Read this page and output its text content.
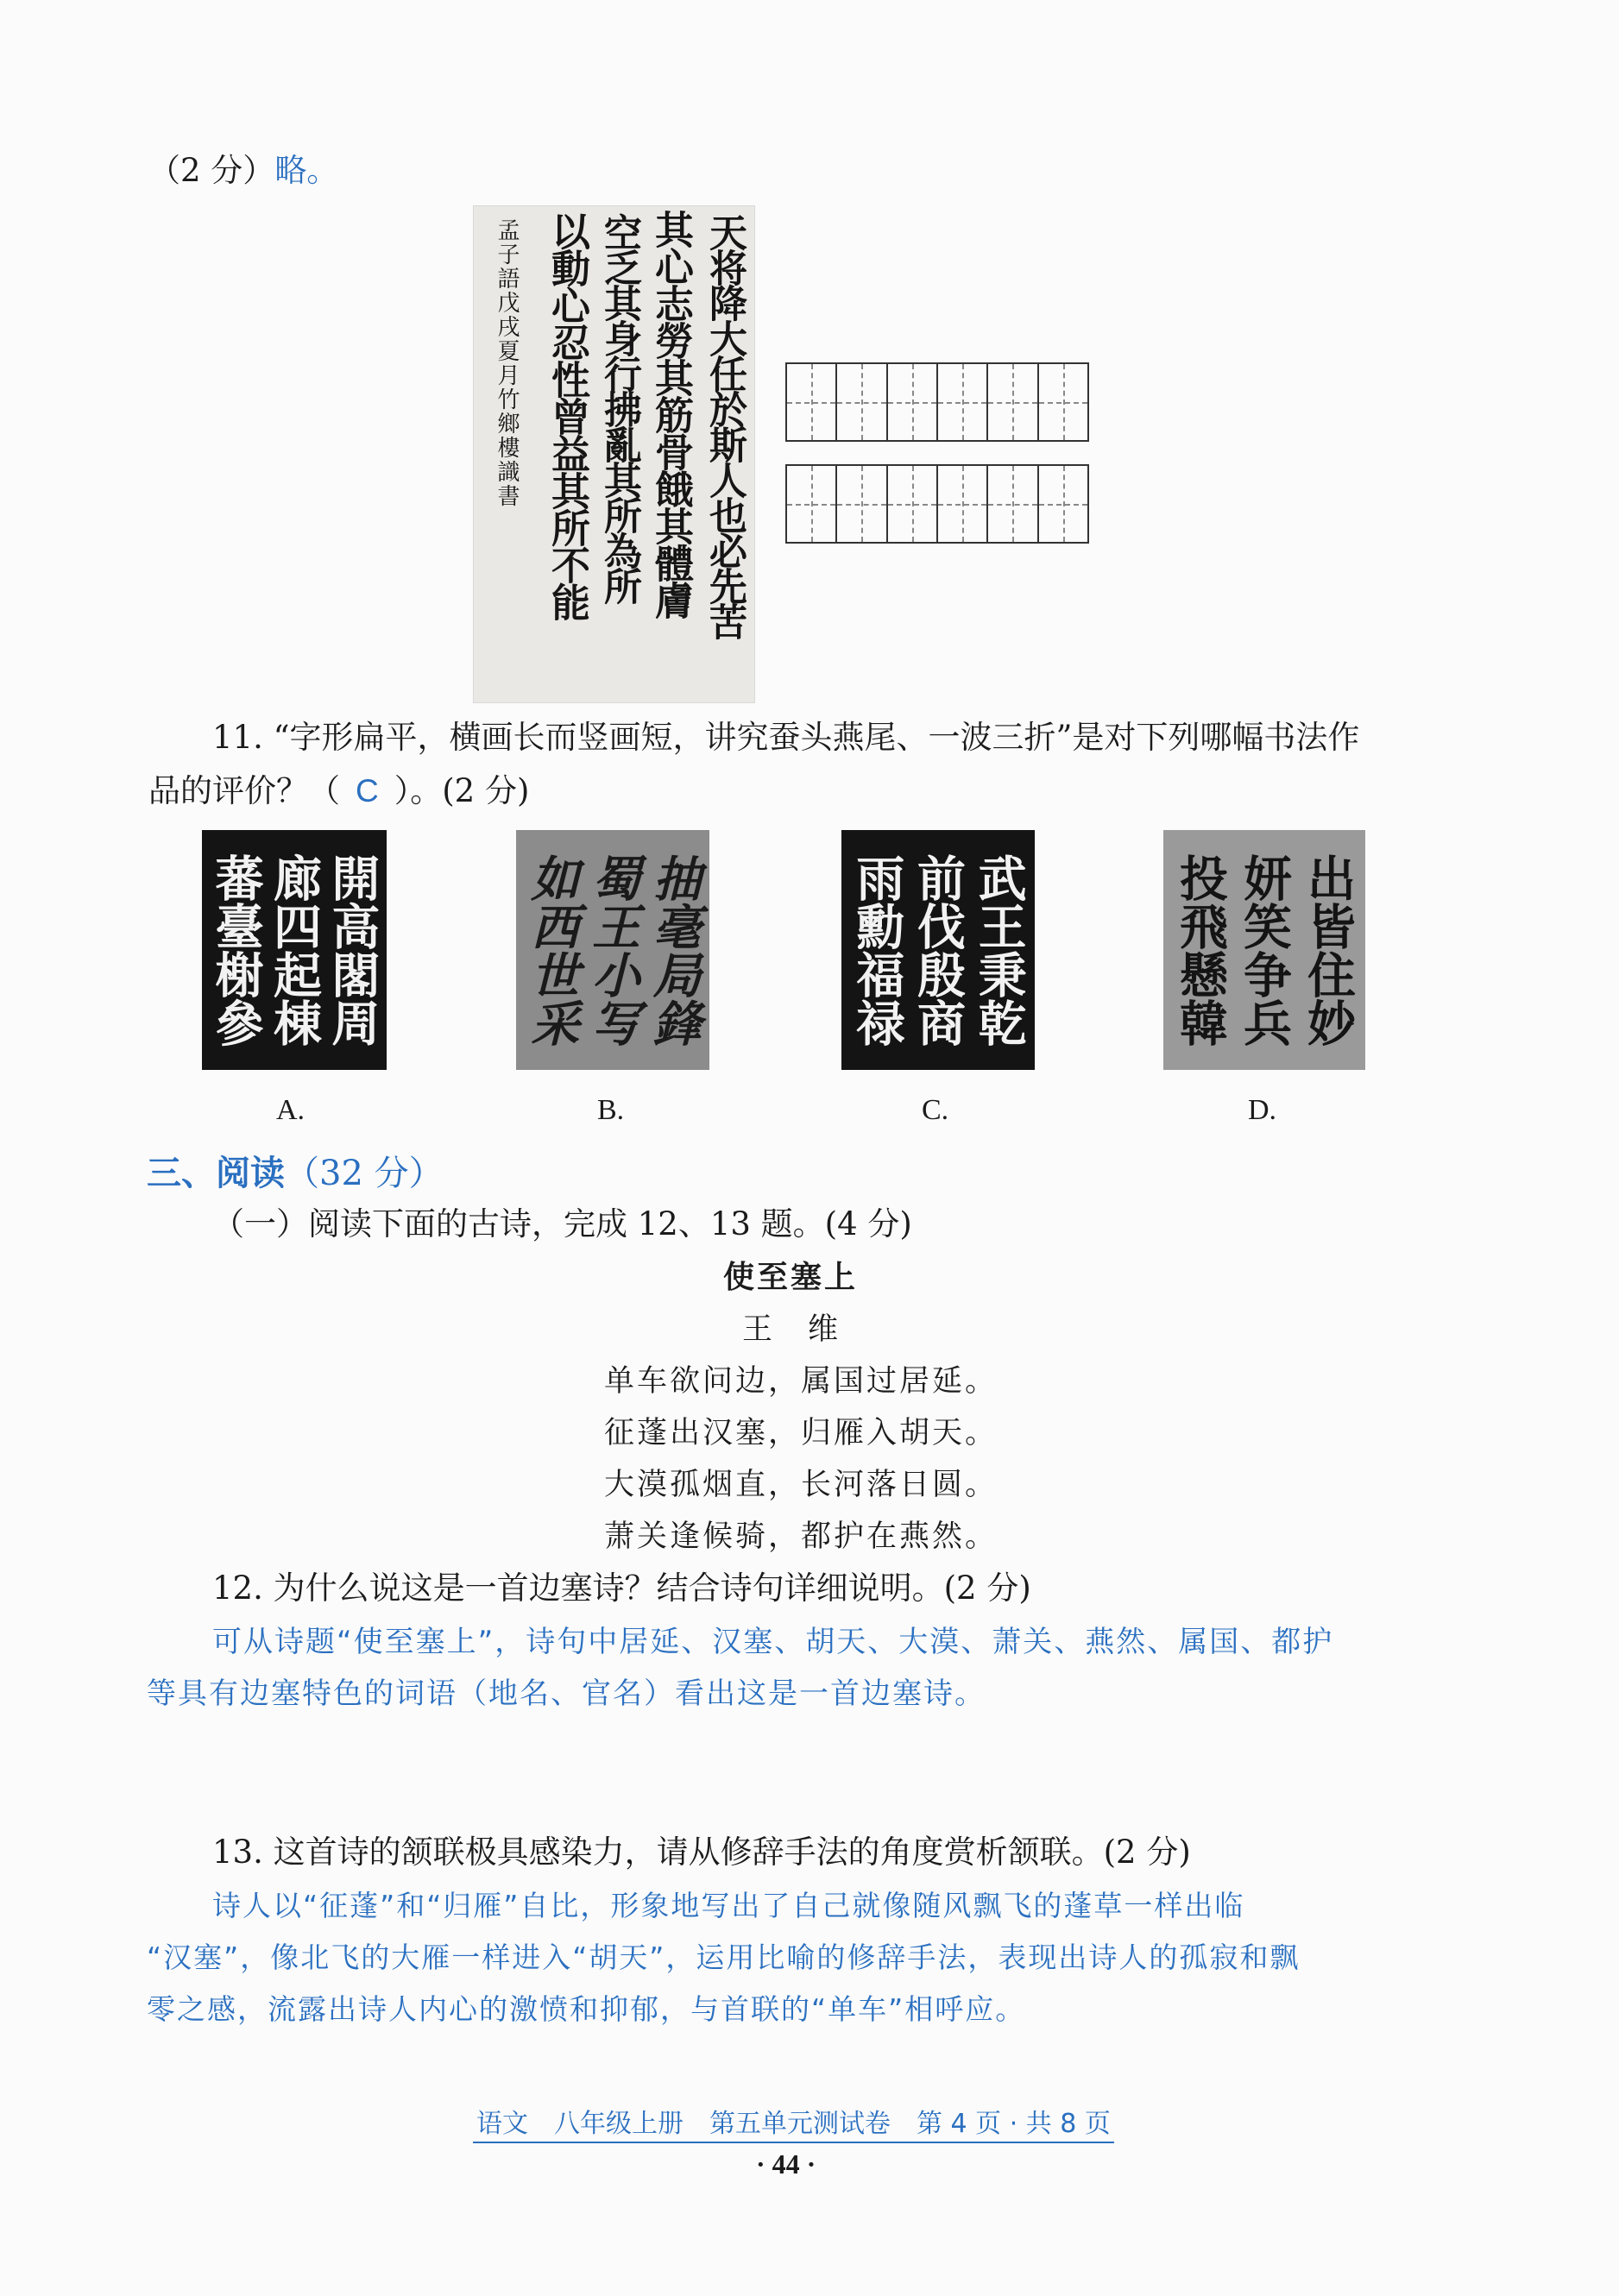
（2 分）略。
天将降大任於斯人也必先苦
其心志勞其筋骨餓其體膚
空乏其身行拂亂其所為所
以動心忍性曾益其所不能
孟子語戊戌夏月竹鄉樓識書
11. “字形扁平，横画长而竖画短，讲究蚕头燕尾、一波三折”是对下列哪幅书法作
品的评价？（ C ）。(2 分)
開高閣周
廊四起棟
蕃臺榭參	抽毫局鋒
蜀王小写
如西世采	武王秉乾
前伐殷商
雨勳福禄	出皆住妙
妍笑争兵
投飛懸韓
A.	B.	C.	D.
三、阅读（32 分）
（一）阅读下面的古诗，完成 12、13 题。(4 分)
使至塞上
王　维
单车欲问边，属国过居延。
征蓬出汉塞，归雁入胡天。
大漠孤烟直，长河落日圆。
萧关逢候骑，都护在燕然。
12. 为什么说这是一首边塞诗？结合诗句详细说明。(2 分)
可从诗题“使至塞上”，诗句中居延、汉塞、胡天、大漠、萧关、燕然、属国、都护
等具有边塞特色的词语（地名、官名）看出这是一首边塞诗。
13. 这首诗的颔联极具感染力，请从修辞手法的角度赏析颔联。(2 分)
诗人以“征蓬”和“归雁”自比，形象地写出了自己就像随风飘飞的蓬草一样出临
“汉塞”，像北飞的大雁一样进入“胡天”，运用比喻的修辞手法，表现出诗人的孤寂和飘
零之感，流露出诗人内心的激愤和抑郁，与首联的“单车”相呼应。
语文　八年级上册　第五单元测试卷　第 4 页 · 共 8 页
· 44 ·
